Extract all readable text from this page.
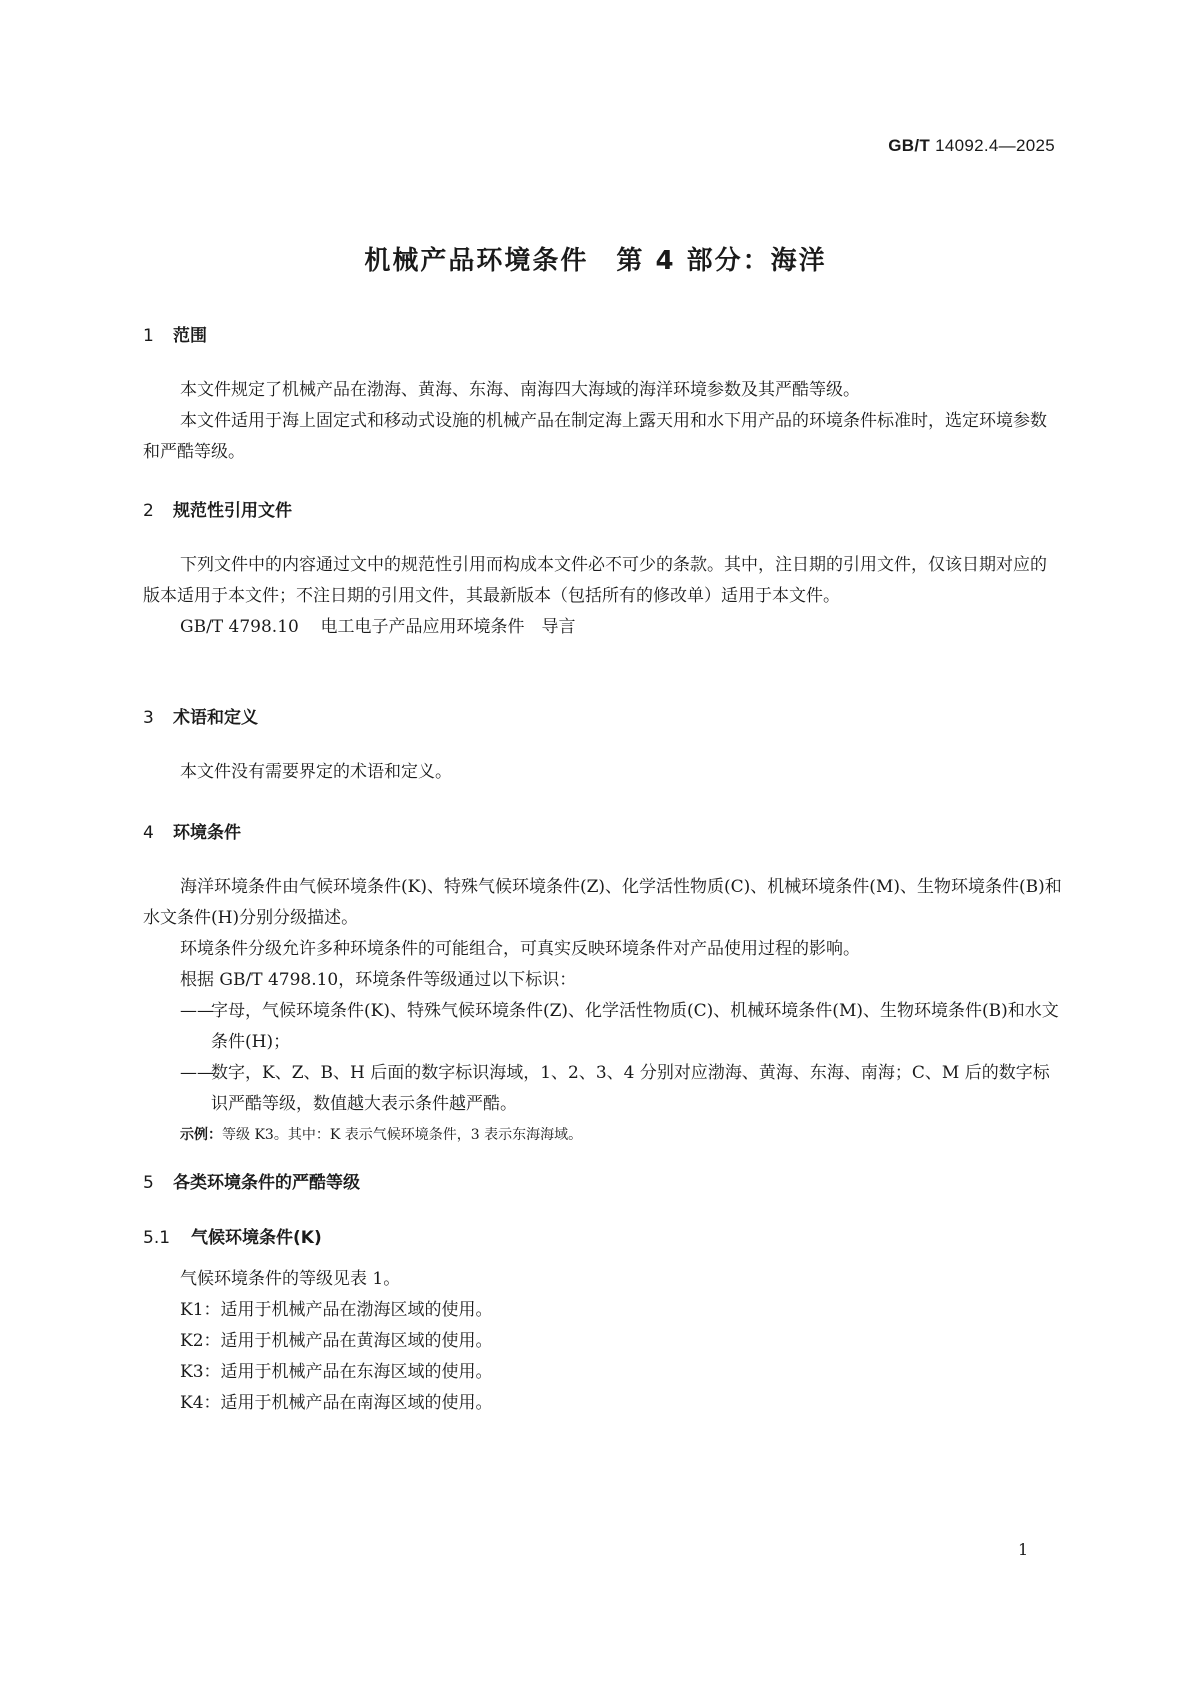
GB/T 14092.4—2025
机械产品环境条件　第 4 部分：海洋
1 范围

本文件规定了机械产品在渤海、黄海、东海、南海四大海域的海洋环境参数及其严酷等级。

本文件适用于海上固定式和移动式设施的机械产品在制定海上露天用和水下用产品的环境条件标准时，选定环境参数和严酷等级。

2 规范性引用文件

下列文件中的内容通过文中的规范性引用而构成本文件必不可少的条款。其中，注日期的引用文件，仅该日期对应的版本适用于本文件；不注日期的引用文件，其最新版本（包括所有的修改单）适用于本文件。

GB/T 4798.10 电工电子产品应用环境条件　导言

3 术语和定义

本文件没有需要界定的术语和定义。

4 环境条件

海洋环境条件由气候环境条件(K)、特殊气候环境条件(Z)、化学活性物质(C)、机械环境条件(M)、生物环境条件(B)和水文条件(H)分别分级描述。

环境条件分级允许多种环境条件的可能组合，可真实反映环境条件对产品使用过程的影响。

根据 GB/T 4798.10，环境条件等级通过以下标识：

——字母，气候环境条件(K)、特殊气候环境条件(Z)、化学活性物质(C)、机械环境条件(M)、生物环境条件(B)和水文条件(H)；

——数字，K、Z、B、H 后面的数字标识海域，1、2、3、4 分别对应渤海、黄海、东海、南海；C、M 后的数字标识严酷等级，数值越大表示条件越严酷。

示例：等级 K3。其中：K 表示气候环境条件，3 表示东海海域。

5 各类环境条件的严酷等级
5.1 气候环境条件(K)

气候环境条件的等级见表 1。

K1：适用于机械产品在渤海区域的使用。

K2：适用于机械产品在黄海区域的使用。

K3：适用于机械产品在东海区域的使用。

K4：适用于机械产品在南海区域的使用。

1
